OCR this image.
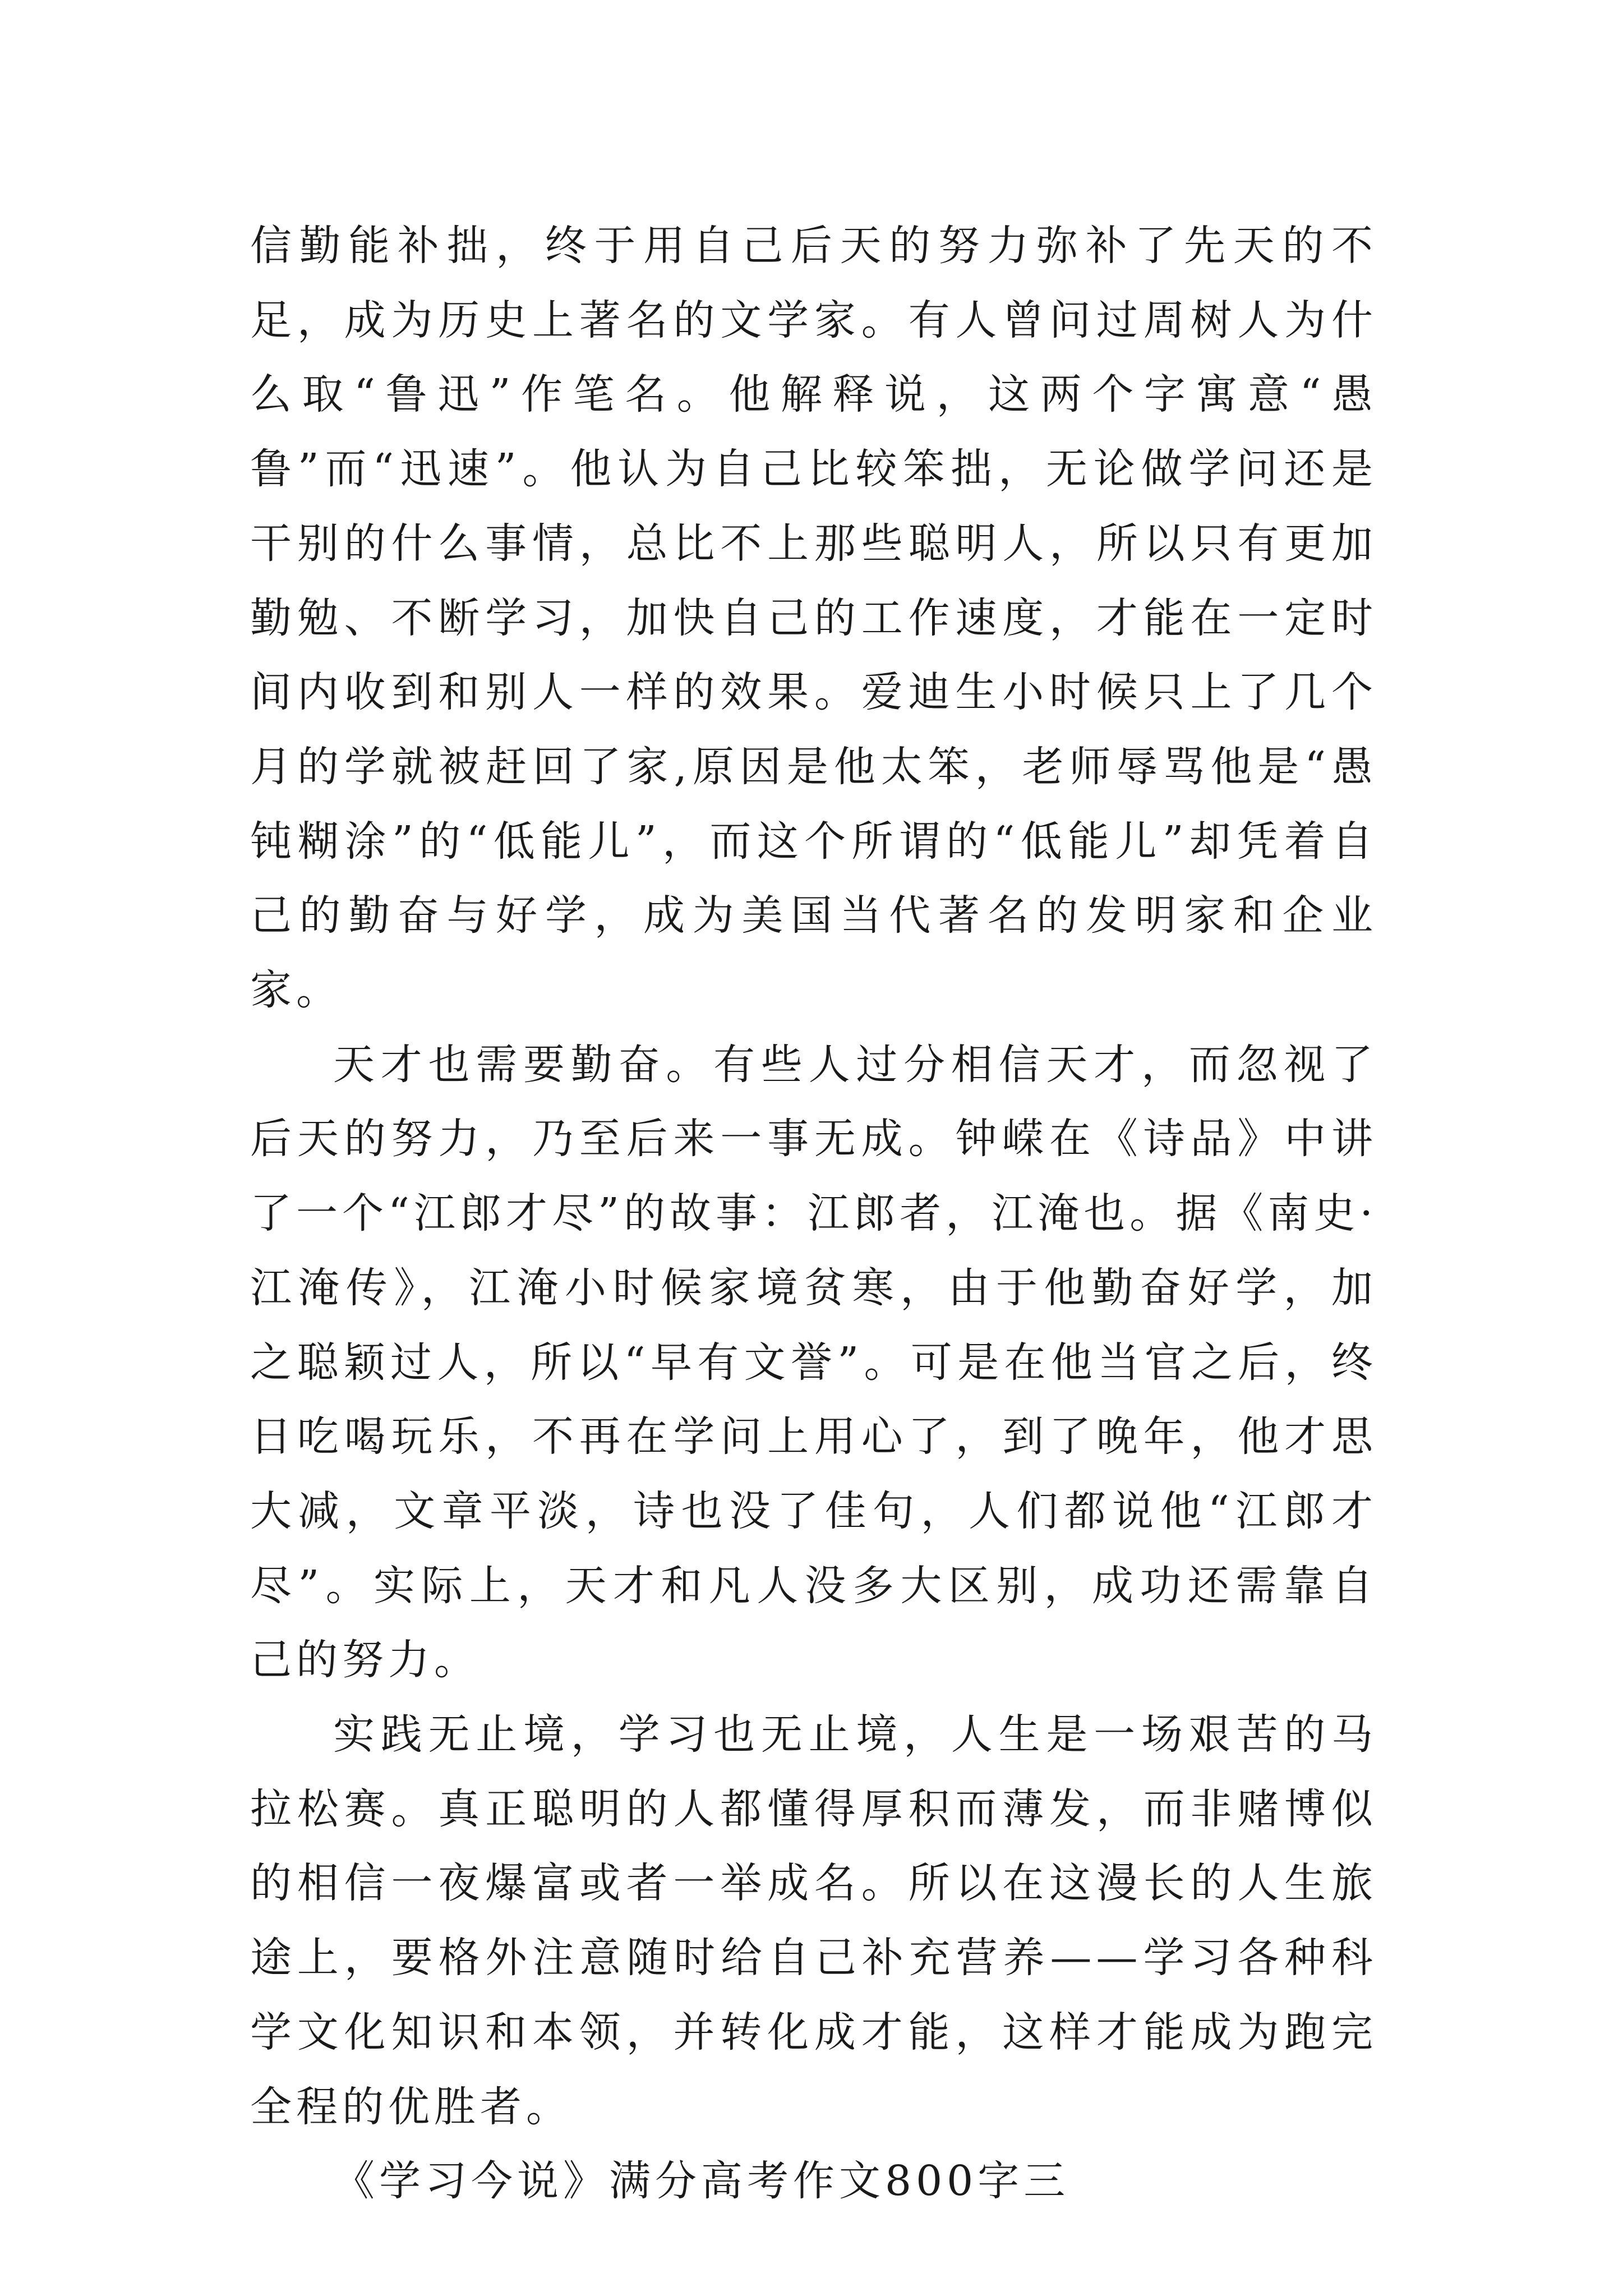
信勤能补拙，终于用自己后天的努力弥补了先天的不足，成为历史上著名的文学家。有人曾问过周树人为什么取“鲁迅”作笔名。他解释说，这两个字寓意“愚鲁”而“迅速”。他认为自己比较笨拙，无论做学问还是干别的什么事情，总比不上那些聪明人，所以只有更加勤勉、不断学习，加快自己的工作速度，才能在一定时间内收到和别人一样的效果。爱迪生小时候只上了几个月的学就被赶回了家,原因是他太笨，老师辱骂他是“愚钝糊涂”的“低能儿”，而这个所谓的“低能儿”却凭着自己的勤奋与好学，成为美国当代著名的发明家和企业家。

天才也需要勤奋。有些人过分相信天才，而忽视了后天的努力，乃至后来一事无成。钟嵘在《诗品》中讲了一个“江郎才尽”的故事：江郎者，江淹也。据《南史·江淹传》，江淹小时候家境贫寒，由于他勤奋好学，加之聪颖过人，所以“早有文誉”。可是在他当官之后，终日吃喝玩乐，不再在学问上用心了，到了晚年，他才思大减，文章平淡，诗也没了佳句，人们都说他“江郎才尽”。实际上，天才和凡人没多大区别，成功还需靠自己的努力。

实践无止境，学习也无止境，人生是一场艰苦的马拉松赛。真正聪明的人都懂得厚积而薄发，而非赌博似的相信一夜爆富或者一举成名。所以在这漫长的人生旅途上，要格外注意随时给自己补充营养——学习各种科学文化知识和本领，并转化成才能，这样才能成为跑完全程的优胜者。

《学习今说》满分高考作文800字三
